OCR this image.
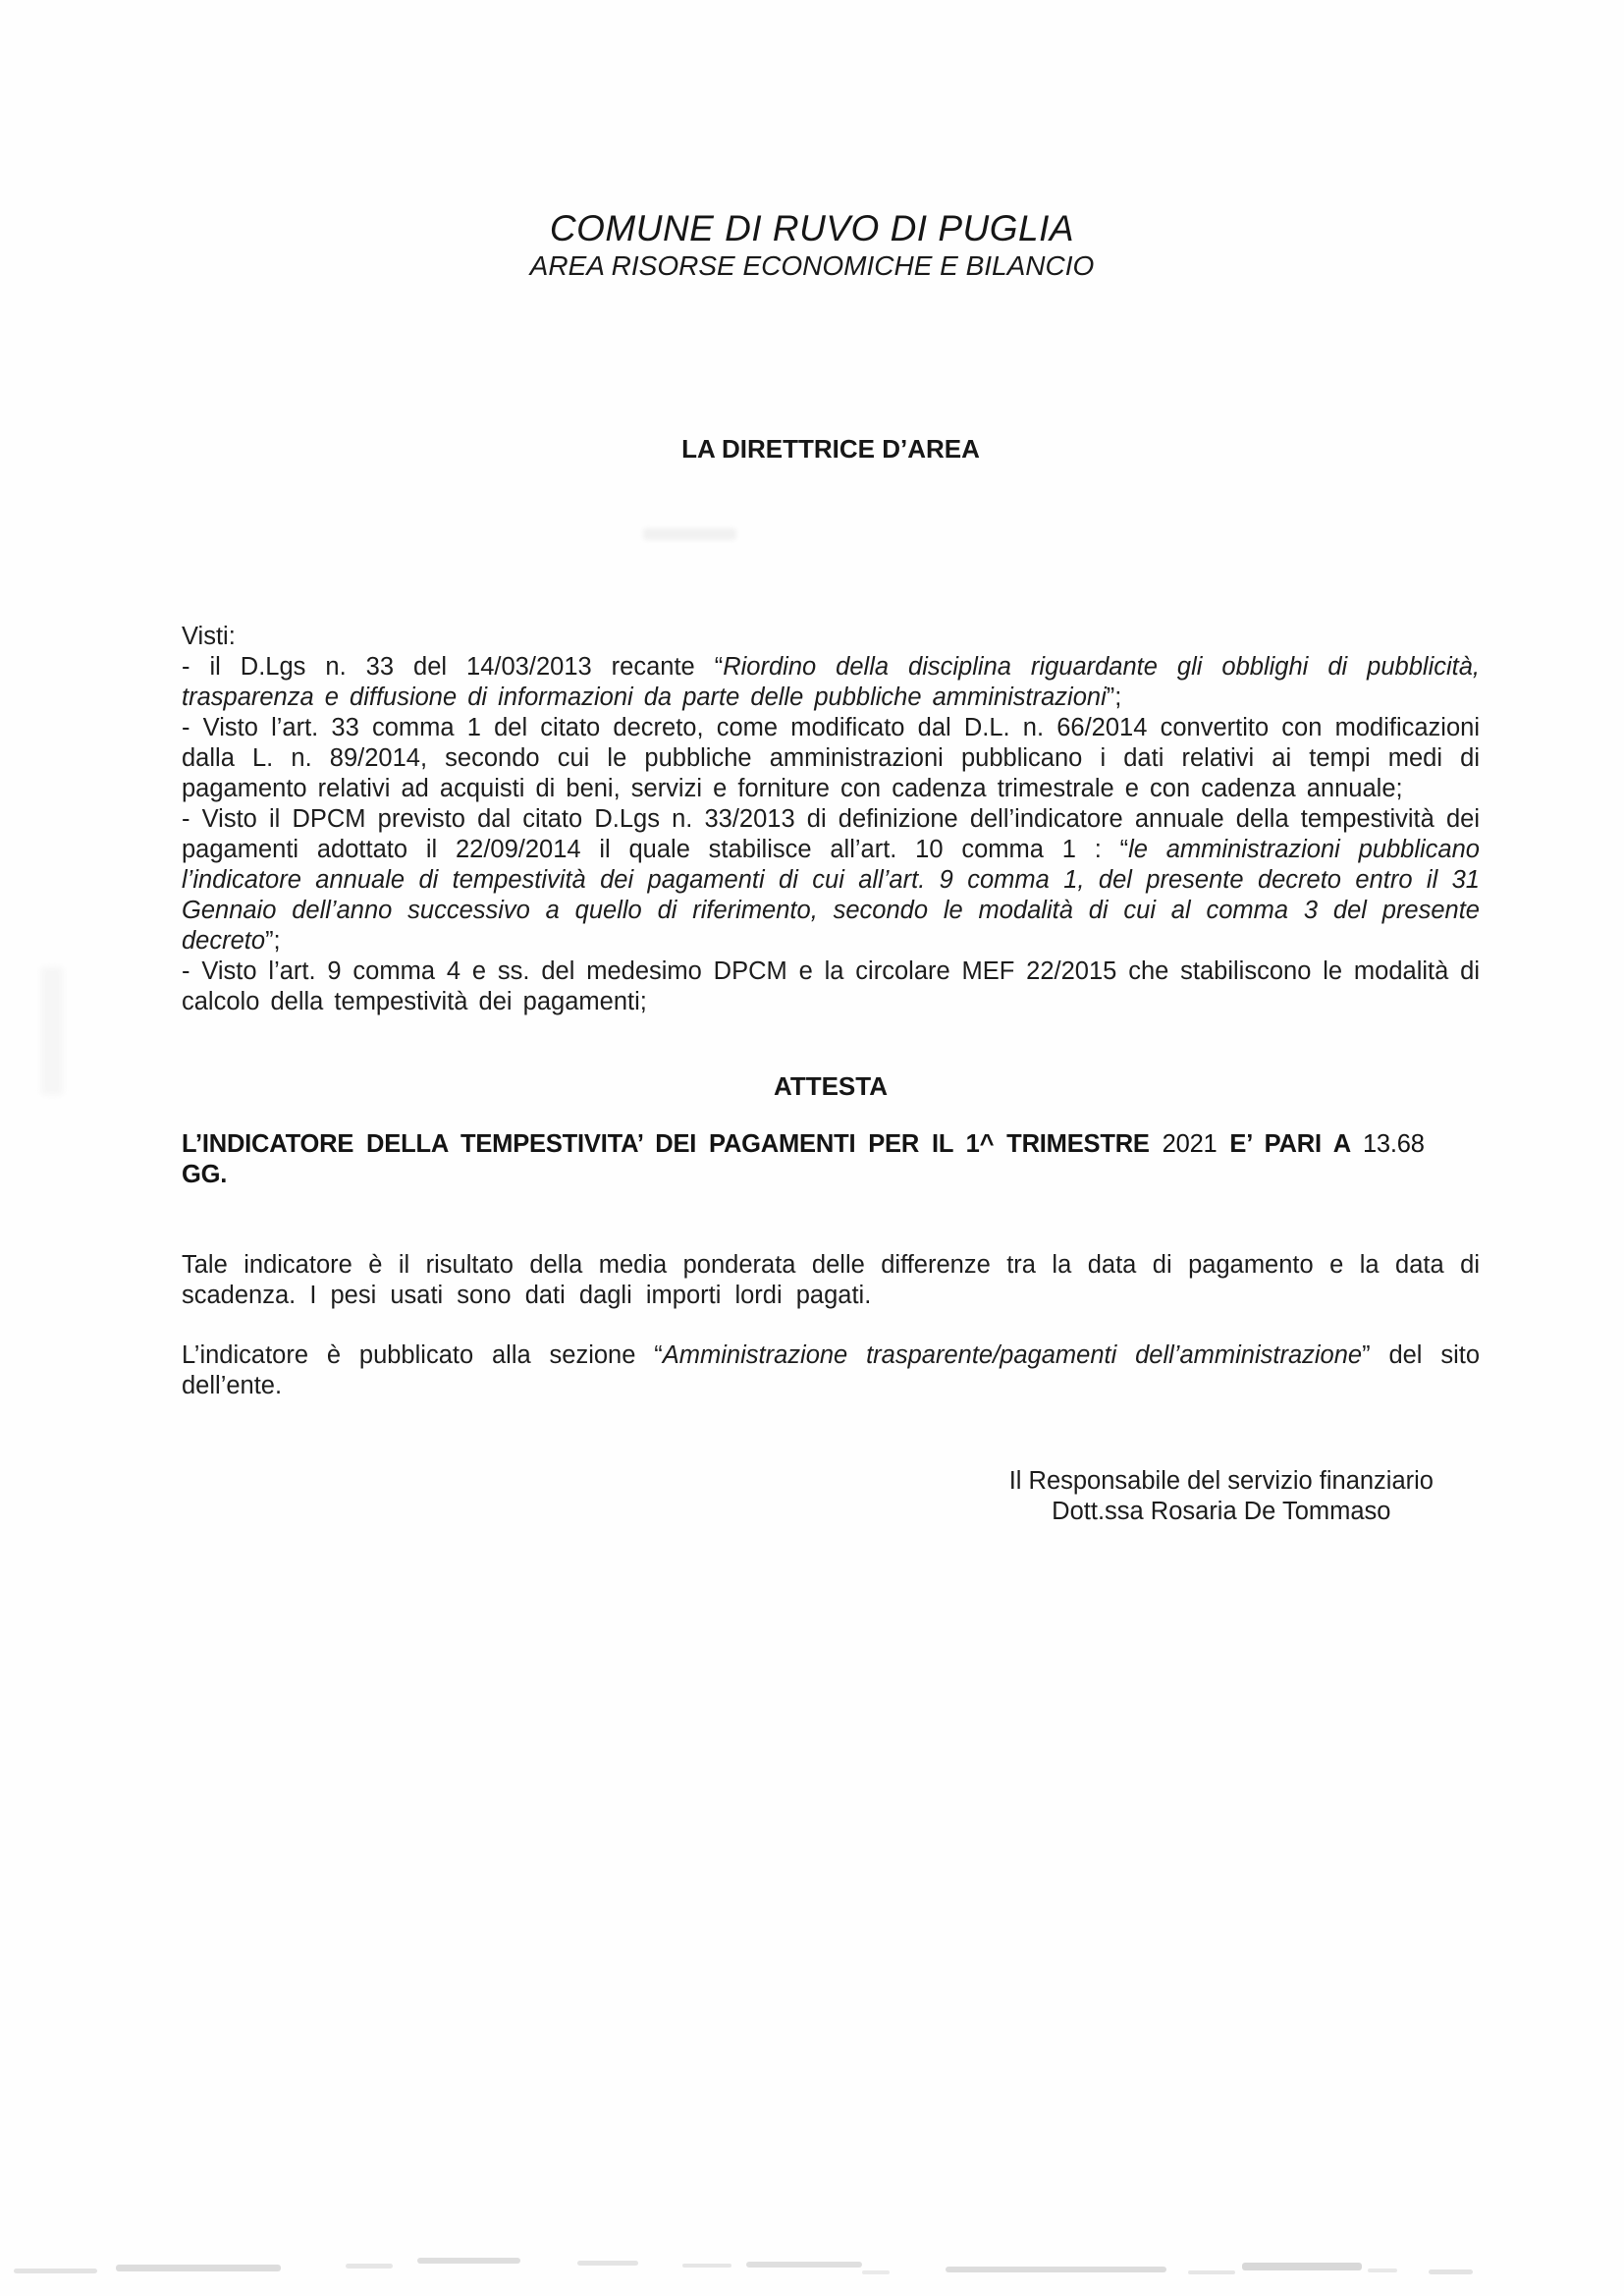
COMUNE DI RUVO DI PUGLIA
AREA RISORSE ECONOMICHE E BILANCIO
LA DIRETTRICE D’AREA

Visti:

- il D.Lgs n. 33 del 14/03/2013 recante “Riordino della disciplina riguardante gli obblighi di pubblicità, trasparenza e diffusione di informazioni da parte delle pubbliche amministrazioni”;

- Visto l’art. 33 comma 1 del citato decreto, come modificato dal D.L. n. 66/2014 convertito con modificazioni dalla L. n. 89/2014, secondo cui le pubbliche amministrazioni pubblicano i dati relativi ai tempi medi di pagamento relativi ad acquisti di beni, servizi e forniture con cadenza trimestrale e con cadenza annuale;

- Visto il DPCM previsto dal citato D.Lgs n. 33/2013 di definizione dell’indicatore annuale della tempestività dei pagamenti adottato il 22/09/2014 il quale stabilisce all’art. 10 comma 1 : “le amministrazioni pubblicano l’indicatore annuale di tempestività dei pagamenti di cui all’art. 9 comma 1, del presente decreto entro il 31 Gennaio dell’anno successivo a quello di riferimento, secondo le modalità di cui al comma 3 del presente decreto”;

- Visto l’art. 9 comma 4 e ss. del medesimo DPCM e la circolare MEF 22/2015 che stabiliscono le modalità di calcolo della tempestività dei pagamenti;

ATTESTA

L’INDICATORE DELLA TEMPESTIVITA’ DEI PAGAMENTI PER IL 1^ TRIMESTRE 2021 E’ PARI A 13.68
GG.

Tale indicatore è il risultato della media ponderata delle differenze tra la data di pagamento e la data di scadenza. I pesi usati sono dati dagli importi lordi pagati.

L’indicatore è pubblicato alla sezione “Amministrazione trasparente/pagamenti dell’amministrazione” del sito dell’ente.

Il Responsabile del servizio finanziario
Dott.ssa Rosaria De Tommaso
